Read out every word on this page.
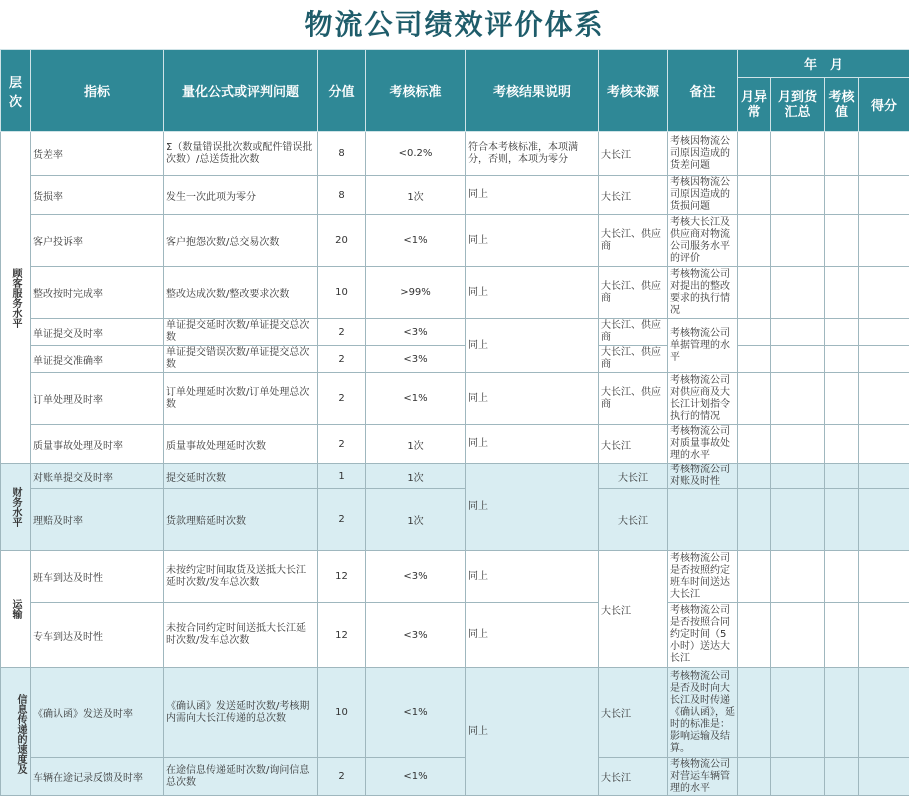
物流公司绩效评价体系
层次	指标	量化公式或评判问题	分值	考核标准	考核结果说明	考核来源	备注	年　月			
								月异常	月到货汇总	考核值	得分
顾客服务水平	货差率	Σ（数量错误批次数或配件错误批次数）/总送货批次数	8	<0.2%	符合本考核标准，本项满分，否则，本项为零分	大长江	考核因物流公司原因造成的货差问题				
	货损率	发生一次此项为零分	8	1次	同上	大长江	考核因物流公司原因造成的货损问题				
	客户投诉率	客户抱怨次数/总交易次数	20	<1%	同上	大长江、供应商	考核大长江及供应商对物流公司服务水平的评价				
	整改按时完成率	整改达成次数/整改要求次数	10	>99%	同上	大长江、供应商	考核物流公司对提出的整改要求的执行情况				
	单证提交及时率	单证提交延时次数/单证提交总次数	2	<3%	同上	大长江、供应商	考核物流公司单据管理的水平				
	单证提交准确率	单证提交错误次数/单证提交总次数	2	<3%		大长江、供应商					
	订单处理及时率	订单处理延时次数/订单处理总次数	2	<1%	同上	大长江、供应商	考核物流公司对供应商及大长江计划指令执行的情况				
	质量事故处理及时率	质量事故处理延时次数	2	1次	同上	大长江	考核物流公司对质量事故处理的水平				
财务水平	对账单提交及时率	提交延时次数	1	1次	同上	大长江	考核物流公司对账及时性				
	理赔及时率	货款理赔延时次数	2	1次		大长江					
运输	班车到达及时性	未按约定时间取货及送抵大长江延时次数/发车总次数	12	<3%	同上	大长江	考核物流公司是否按照约定班车时间送达大长江				
	专车到达及时性	未按合同约定时间送抵大长江延时次数/发车总次数	12	<3%	同上		考核物流公司是否按照合同约定时间（5小时）送达大长江				
信息传递的速度及	《确认函》发送及时率	《确认函》发送延时次数/考核期内需向大长江传递的总次数	10	<1%	同上	大长江	考核物流公司是否及时向大长江及时传递《确认函》，延时的标准是：影响运输及结算。				
	车辆在途记录反馈及时率	在途信息传递延时次数/询问信息总次数	2	<1%		大长江	考核物流公司对营运车辆管理的水平				
